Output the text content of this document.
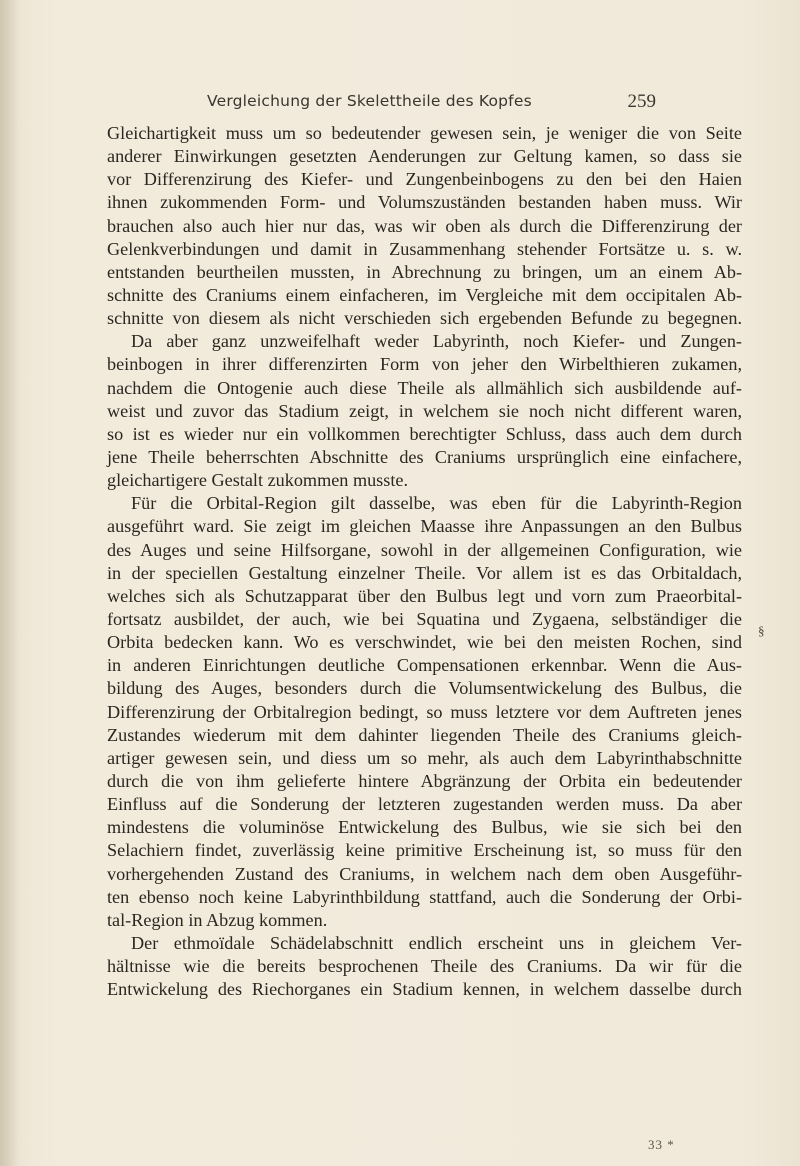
Vergleichung der Skelettheile des Kopfes	259
Gleichartigkeit muss um so bedeutender gewesen sein, je weniger die von Seite
anderer Einwirkungen gesetzten Aenderungen zur Geltung kamen, so dass sie
vor Differenzirung des Kiefer- und Zungenbeinbogens zu den bei den Haien
ihnen zukommenden Form- und Volumszuständen bestanden haben muss. Wir
brauchen also auch hier nur das, was wir oben als durch die Differenzirung der
Gelenkverbindungen und damit in Zusammenhang stehender Fortsätze u. s. w.
entstanden beurtheilen mussten, in Abrechnung zu bringen, um an einem Ab-
schnitte des Craniums einem einfacheren, im Vergleiche mit dem occipitalen Ab-
schnitte von diesem als nicht verschieden sich ergebenden Befunde zu begegnen.
Da aber ganz unzweifelhaft weder Labyrinth, noch Kiefer- und Zungen-
beinbogen in ihrer differenzirten Form von jeher den Wirbelthieren zukamen,
nachdem die Ontogenie auch diese Theile als allmählich sich ausbildende auf-
weist und zuvor das Stadium zeigt, in welchem sie noch nicht different waren,
so ist es wieder nur ein vollkommen berechtigter Schluss, dass auch dem durch
jene Theile beherrschten Abschnitte des Craniums ursprünglich eine einfachere,
gleichartigere Gestalt zukommen musste.
Für die Orbital-Region gilt dasselbe, was eben für die Labyrinth-Region
ausgeführt ward. Sie zeigt im gleichen Maasse ihre Anpassungen an den Bulbus
des Auges und seine Hilfsorgane, sowohl in der allgemeinen Configuration, wie
in der speciellen Gestaltung einzelner Theile. Vor allem ist es das Orbitaldach,
welches sich als Schutzapparat über den Bulbus legt und vorn zum Praeorbital-
fortsatz ausbildet, der auch, wie bei Squatina und Zygaena, selbständiger die
Orbita bedecken kann. Wo es verschwindet, wie bei den meisten Rochen, sind
in anderen Einrichtungen deutliche Compensationen erkennbar. Wenn die Aus-
bildung des Auges, besonders durch die Volumsentwickelung des Bulbus, die
Differenzirung der Orbitalregion bedingt, so muss letztere vor dem Auftreten jenes
Zustandes wiederum mit dem dahinter liegenden Theile des Craniums gleich-
artiger gewesen sein, und diess um so mehr, als auch dem Labyrinthabschnitte
durch die von ihm gelieferte hintere Abgränzung der Orbita ein bedeutender
Einfluss auf die Sonderung der letzteren zugestanden werden muss. Da aber
mindestens die voluminöse Entwickelung des Bulbus, wie sie sich bei den
Selachiern findet, zuverlässig keine primitive Erscheinung ist, so muss für den
vorhergehenden Zustand des Craniums, in welchem nach dem oben Ausgeführ-
ten ebenso noch keine Labyrinthbildung stattfand, auch die Sonderung der Orbi-
tal-Region in Abzug kommen.
Der ethmoïdale Schädelabschnitt endlich erscheint uns in gleichem Ver-
hältnisse wie die bereits besprochenen Theile des Craniums. Da wir für die
Entwickelung des Riechorganes ein Stadium kennen, in welchem dasselbe durch
§
33 *
